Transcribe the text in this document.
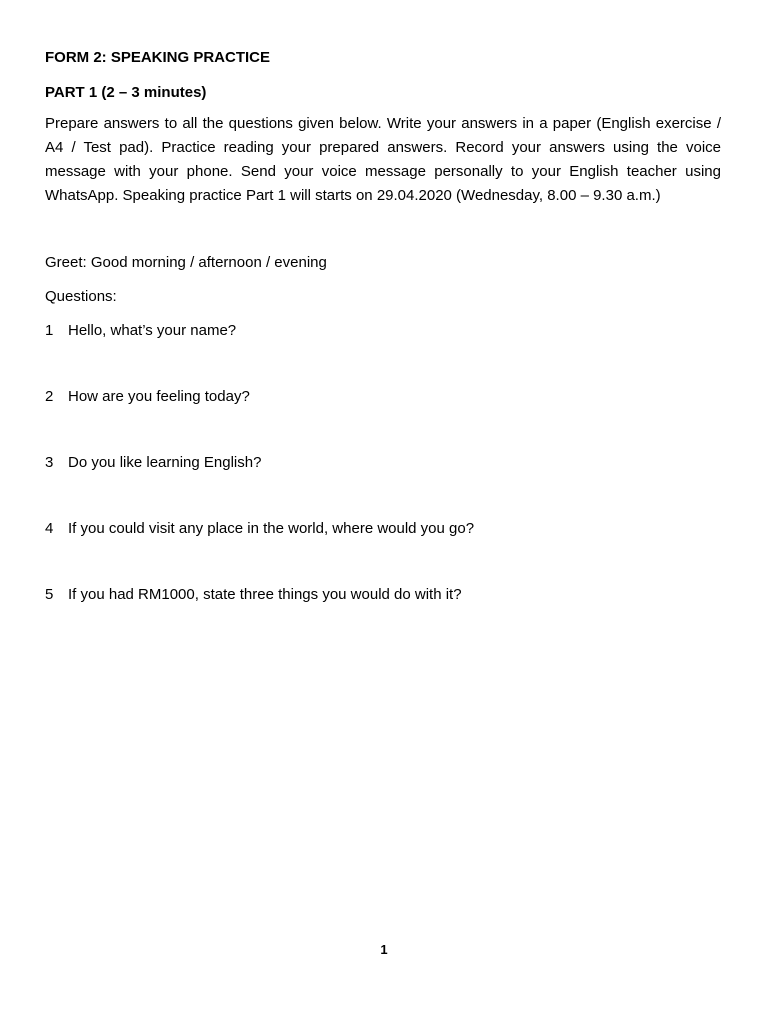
FORM 2: SPEAKING PRACTICE

PART 1 (2 – 3 minutes)

Prepare answers to all the questions given below. Write your answers in a paper (English exercise / A4 / Test pad). Practice reading your prepared answers. Record your answers using the voice message with your phone. Send your voice message personally to your English teacher using WhatsApp. Speaking practice Part 1 will starts on 29.04.2020 (Wednesday, 8.00 – 9.30 a.m.)

Greet: Good morning / afternoon / evening

Questions:

1 Hello, what’s your name?
2 How are you feeling today?
3 Do you like learning English?
4 If you could visit any place in the world, where would you go?
5 If you had RM1000, state three things you would do with it?
1
